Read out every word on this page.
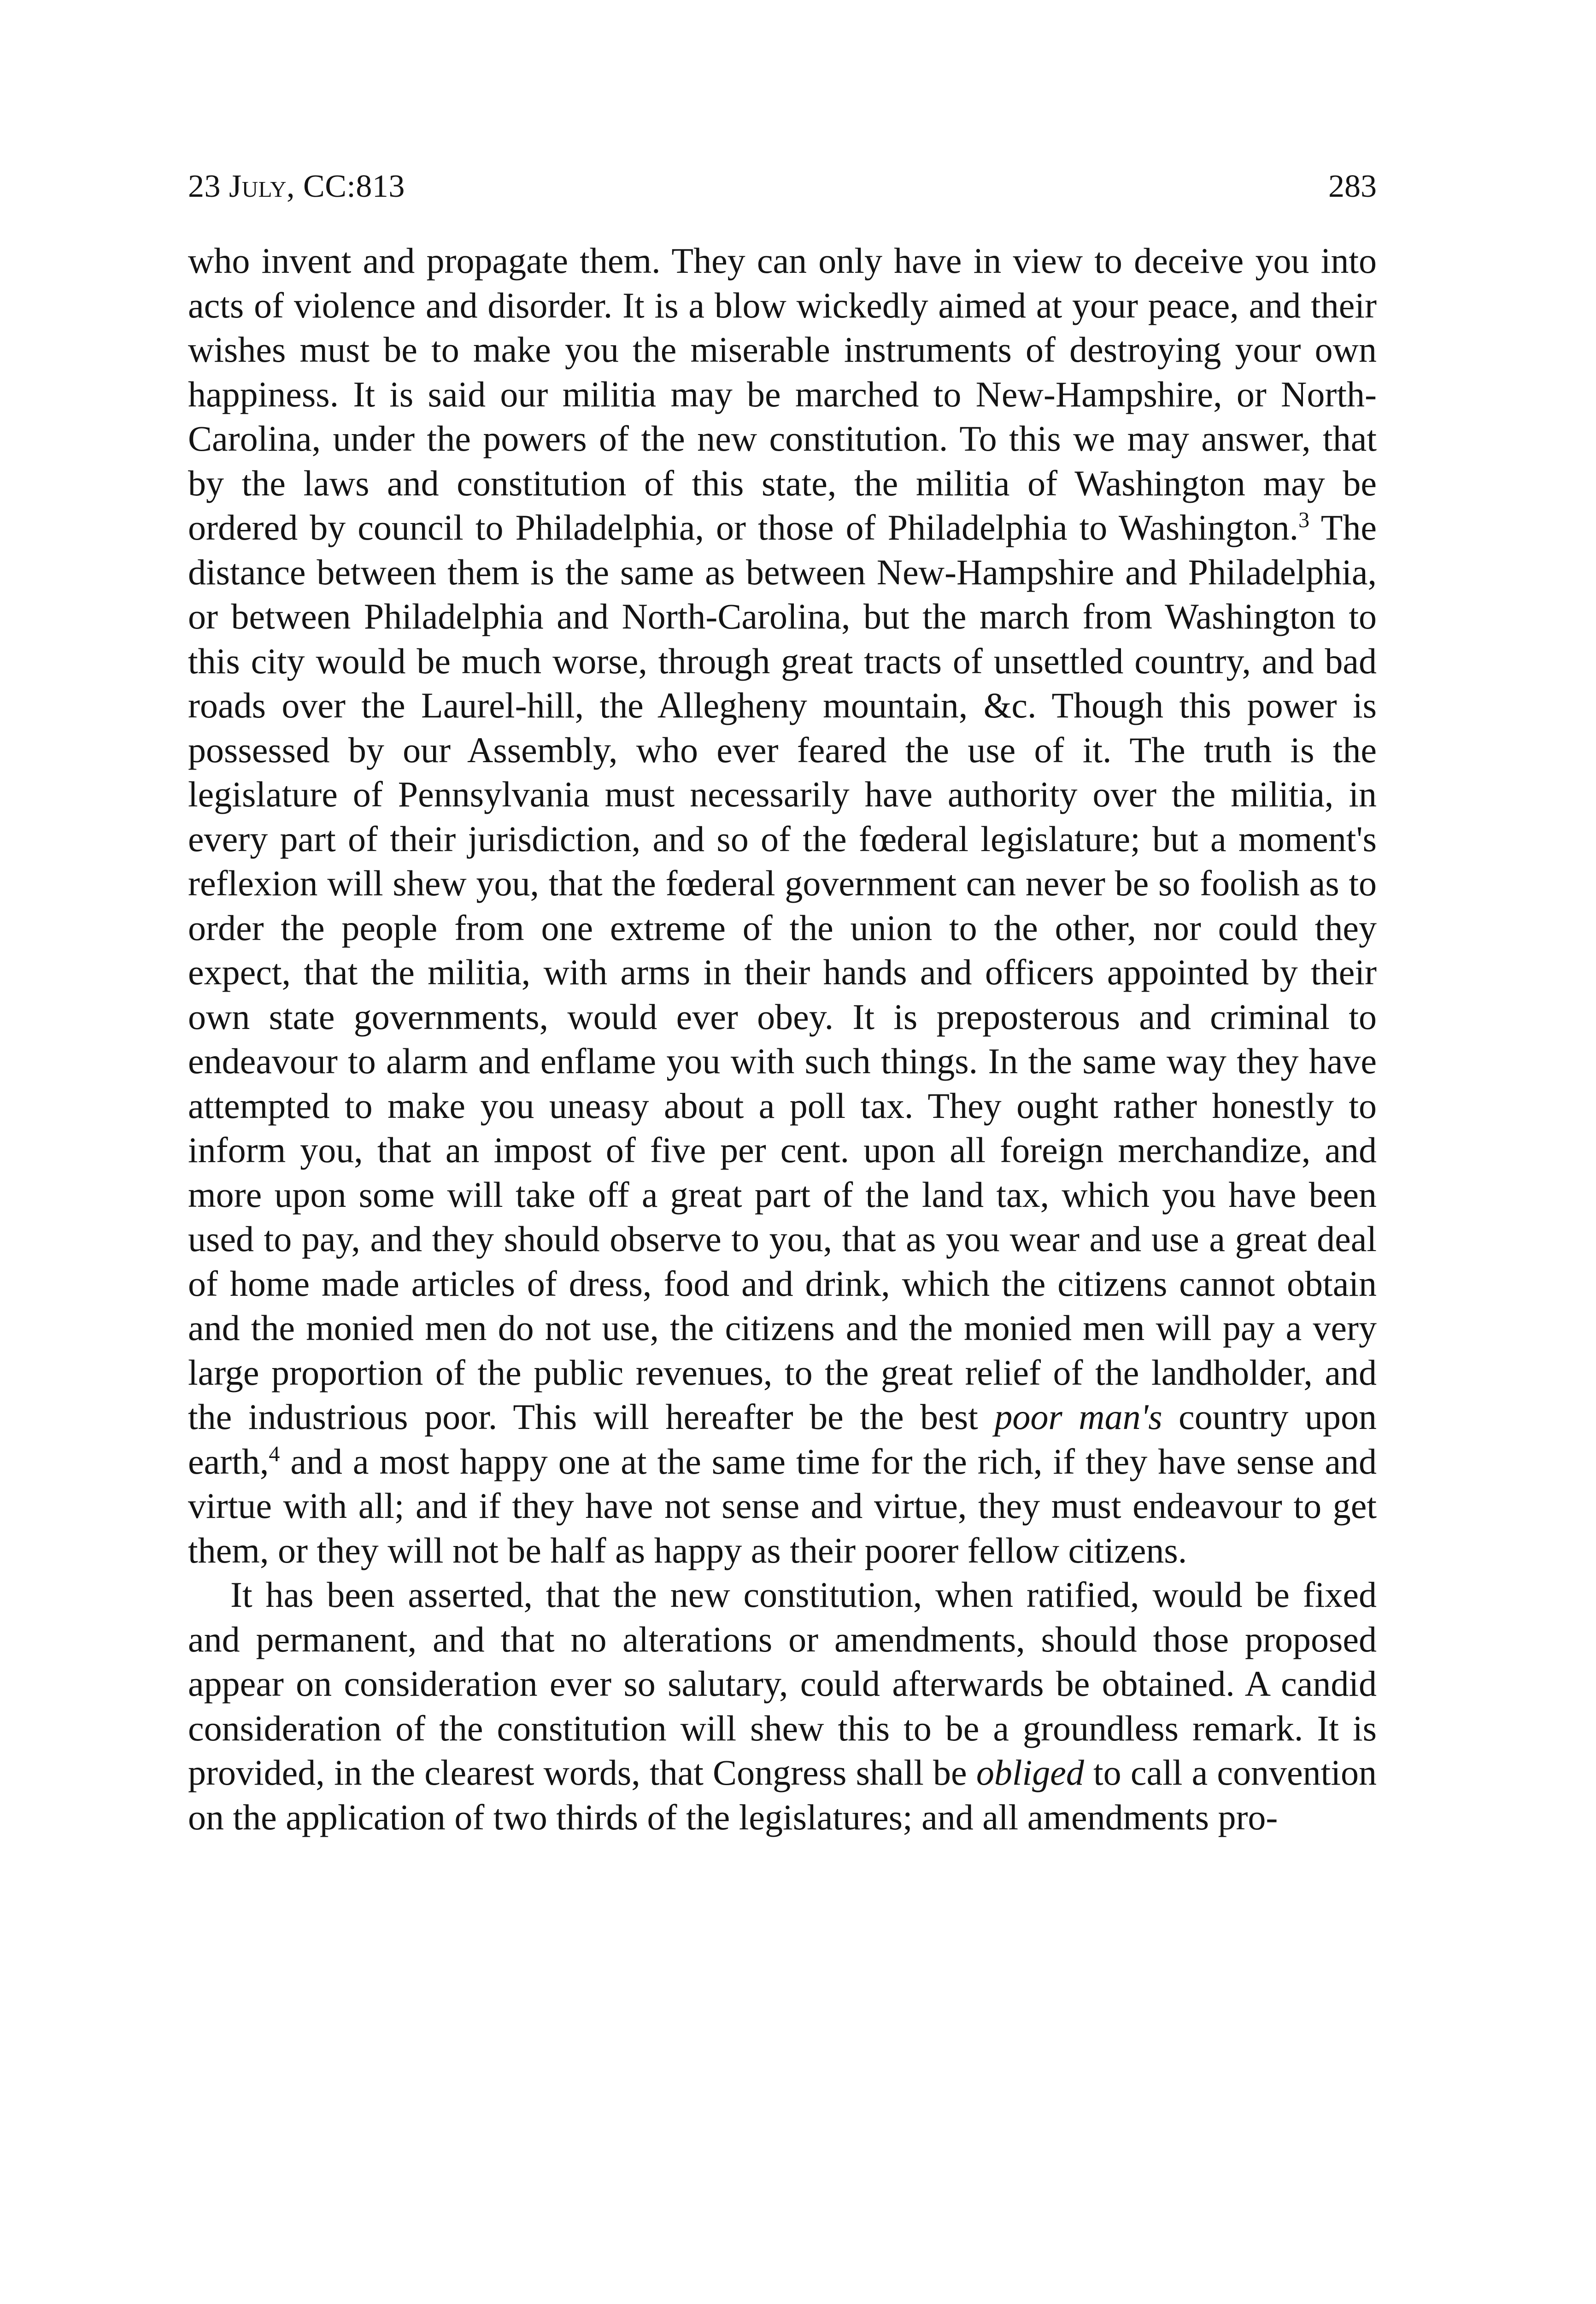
23 July, CC:813	283

who invent and propagate them. They can only have in view to deceive you into acts of violence and disorder. It is a blow wickedly aimed at your peace, and their wishes must be to make you the miserable instruments of destroying your own happiness. It is said our militia may be marched to New-Hampshire, or North-Carolina, under the powers of the new constitution. To this we may answer, that by the laws and constitution of this state, the militia of Washington may be ordered by council to Philadelphia, or those of Philadelphia to Washington.$^3$ The distance between them is the same as between New-Hampshire and Philadelphia, or between Philadelphia and North-Carolina, but the march from Washington to this city would be much worse, through great tracts of unsettled country, and bad roads over the Laurel-hill, the Allegheny mountain, &c. Though this power is possessed by our Assembly, who ever feared the use of it. The truth is the legislature of Pennsylvania must necessarily have authority over the militia, in every part of their jurisdiction, and so of the fœderal legislature; but a moment's reflexion will shew you, that the fœderal government can never be so foolish as to order the people from one extreme of the union to the other, nor could they expect, that the militia, with arms in their hands and officers appointed by their own state governments, would ever obey. It is preposterous and criminal to endeavour to alarm and enflame you with such things. In the same way they have attempted to make you uneasy about a poll tax. They ought rather honestly to inform you, that an impost of five per cent. upon all foreign merchandize, and more upon some will take off a great part of the land tax, which you have been used to pay, and they should observe to you, that as you wear and use a great deal of home made articles of dress, food and drink, which the citizens cannot obtain and the monied men do not use, the citizens and the monied men will pay a very large proportion of the public revenues, to the great relief of the landholder, and the industrious poor. This will hereafter be the best poor man's country upon earth,$^4$ and a most happy one at the same time for the rich, if they have sense and virtue with all; and if they have not sense and virtue, they must endeavour to get them, or they will not be half as happy as their poorer fellow citizens.

It has been asserted, that the new constitution, when ratified, would be fixed and permanent, and that no alterations or amendments, should those proposed appear on consideration ever so salutary, could afterwards be obtained. A candid consideration of the constitution will shew this to be a groundless remark. It is provided, in the clearest words, that Congress shall be obliged to call a convention on the application of two thirds of the legislatures; and all amendments pro-
